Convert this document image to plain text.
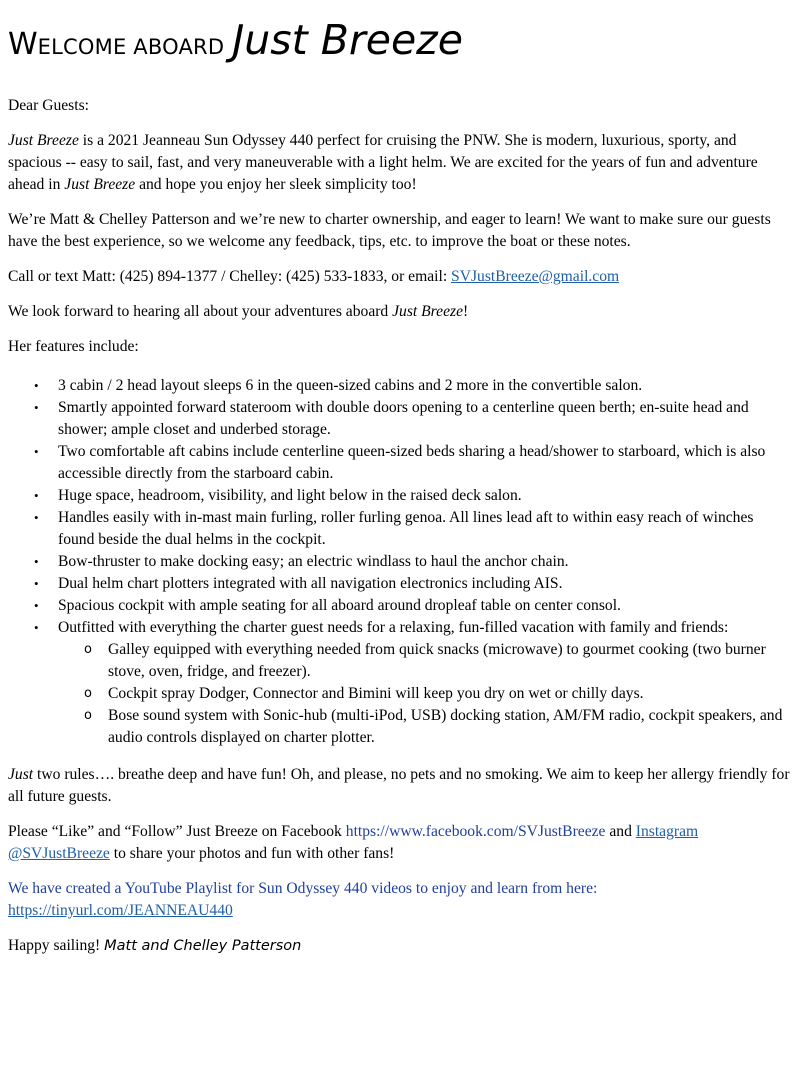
WELCOME ABOARD Just Breeze

Dear Guests:

Just Breeze is a 2021 Jeanneau Sun Odyssey 440 perfect for cruising the PNW. She is modern, luxurious, sporty, and spacious -- easy to sail, fast, and very maneuverable with a light helm. We are excited for the years of fun and adventure ahead in Just Breeze and hope you enjoy her sleek simplicity too!

We’re Matt & Chelley Patterson and we’re new to charter ownership, and eager to learn! We want to make sure our guests have the best experience, so we welcome any feedback, tips, etc. to improve the boat or these notes.

Call or text Matt: (425) 894-1377 / Chelley: (425) 533-1833, or email: SVJustBreeze@gmail.com

We look forward to hearing all about your adventures aboard Just Breeze!

Her features include:

• 3 cabin / 2 head layout sleeps 6 in the queen-sized cabins and 2 more in the convertible salon.
• Smartly appointed forward stateroom with double doors opening to a centerline queen berth; en-suite head and shower; ample closet and underbed storage.
• Two comfortable aft cabins include centerline queen-sized beds sharing a head/shower to starboard, which is also accessible directly from the starboard cabin.
• Huge space, headroom, visibility, and light below in the raised deck salon.
• Handles easily with in-mast main furling, roller furling genoa. All lines lead aft to within easy reach of winches found beside the dual helms in the cockpit.
• Bow-thruster to make docking easy; an electric windlass to haul the anchor chain.
• Dual helm chart plotters integrated with all navigation electronics including AIS.
• Spacious cockpit with ample seating for all aboard around dropleaf table on center consol.
• Outfitted with everything the charter guest needs for a relaxing, fun-filled vacation with family and friends:
o Galley equipped with everything needed from quick snacks (microwave) to gourmet cooking (two burner stove, oven, fridge, and freezer).
o Cockpit spray Dodger, Connector and Bimini will keep you dry on wet or chilly days.
o Bose sound system with Sonic-hub (multi-iPod, USB) docking station, AM/FM radio, cockpit speakers, and audio controls displayed on charter plotter.

Just two rules…. breathe deep and have fun! Oh, and please, no pets and no smoking. We aim to keep her allergy friendly for all future guests.

Please “Like” and “Follow” Just Breeze on Facebook https://www.facebook.com/SVJustBreeze and Instagram @SVJustBreeze to share your photos and fun with other fans!

We have created a YouTube Playlist for Sun Odyssey 440 videos to enjoy and learn from here: https://tinyurl.com/JEANNEAU440

Happy sailing! Matt and Chelley Patterson
